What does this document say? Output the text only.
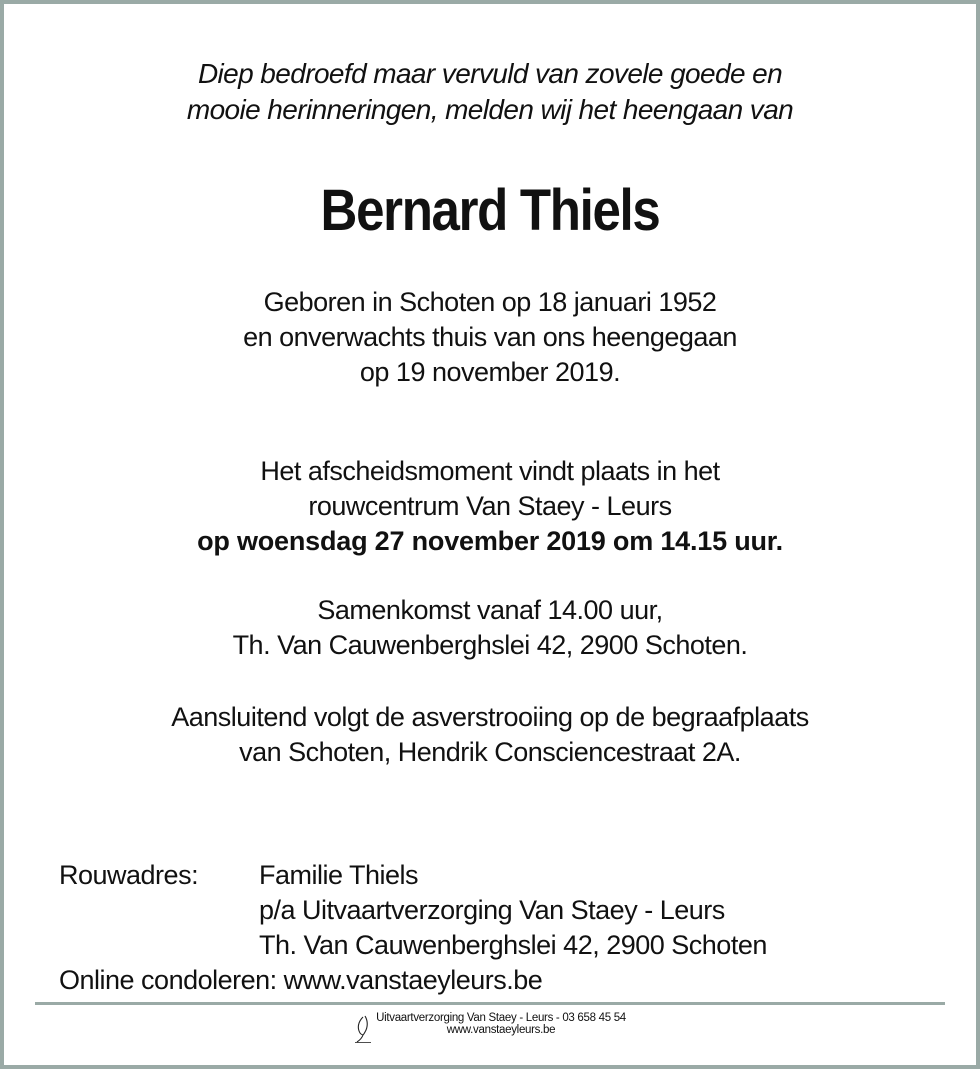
Diep bedroefd maar vervuld van zovele goede en
mooie herinneringen, melden wij het heengaan van
Bernard Thiels
Geboren in Schoten op 18 januari 1952
en onverwachts thuis van ons heengegaan
op 19 november 2019.
Het afscheidsmoment vindt plaats in het
rouwcentrum Van Staey - Leurs
op woensdag 27 november 2019 om 14.15 uur.
Samenkomst vanaf 14.00 uur,
Th. Van Cauwenberghslei 42, 2900 Schoten.
Aansluitend volgt de asverstrooiing op de begraafplaats
van Schoten, Hendrik Consciencestraat 2A.
Rouwadres:	Familie Thiels
p/a Uitvaartverzorging Van Staey - Leurs
Th. Van Cauwenberghslei 42, 2900 Schoten
Online condoleren:
www.vanstaeyleurs.be
Uitvaartverzorging Van Staey - Leurs - 03 658 45 54
www.vanstaeyleurs.be
